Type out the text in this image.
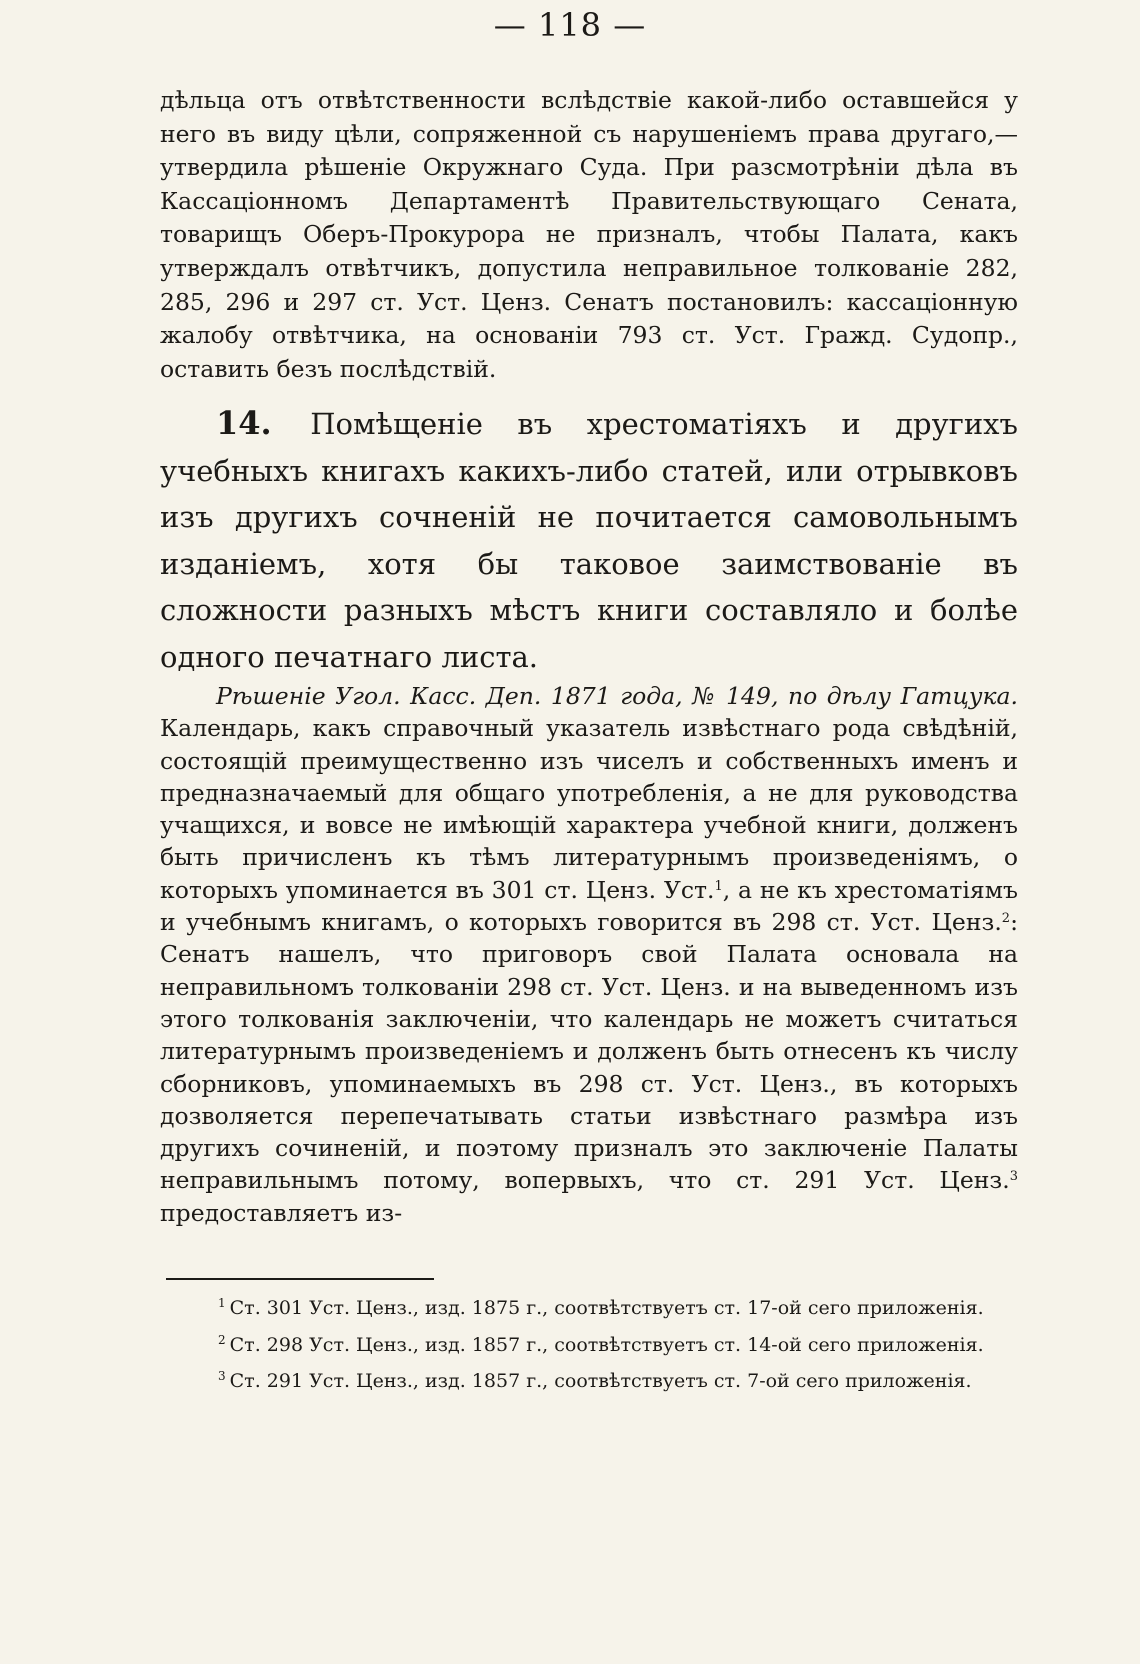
— 118 —

дѣльца отъ отвѣтственности вслѣдствіе какой-либо оставшейся у него въ виду цѣли, сопряженной съ нарушеніемъ права другаго,—утвердила рѣшеніе Окружнаго Суда. При разсмотрѣніи дѣла въ Кассаціонномъ Департаментѣ Правительствующаго Сената, товарищъ Оберъ-Прокурора не призналъ, чтобы Палата, какъ утверждалъ отвѣтчикъ, допустила неправильное толкованіе 282, 285, 296 и 297 ст. Уст. Ценз. Сенатъ постановилъ: кассаціонную жалобу отвѣтчика, на основаніи 793 ст. Уст. Гражд. Судопр., оставить безъ послѣдствій.

14. Помѣщеніе въ хрестоматіяхъ и другихъ учебныхъ книгахъ какихъ-либо статей, или отрывковъ изъ другихъ сочненій не почитается самовольнымъ изданіемъ, хотя бы таковое заимствованіе въ сложности разныхъ мѣстъ книги составляло и болѣе одного печатнаго листа.

Рѣшеніе Угол. Касс. Деп. 1871 года, № 149, по дѣлу Гатцука. Календарь, какъ справочный указатель извѣстнаго рода свѣдѣній, состоящій преимущественно изъ чиселъ и собственныхъ именъ и предназначаемый для общаго употребленія, а не для руководства учащихся, и вовсе не имѣющій характера учебной книги, долженъ быть причисленъ къ тѣмъ литературнымъ произведеніямъ, о которыхъ упоминается въ 301 ст. Ценз. Уст.$^1$, а не къ хрестоматіямъ и учебнымъ книгамъ, о которыхъ говорится въ 298 ст. Уст. Ценз.$^2$: Сенатъ нашелъ, что приговоръ свой Палата основала на неправильномъ толкованіи 298 ст. Уст. Ценз. и на выведенномъ изъ этого толкованія заключеніи, что календарь не можетъ считаться литературнымъ произведеніемъ и долженъ быть отнесенъ къ числу сборниковъ, упоминаемыхъ въ 298 ст. Уст. Ценз., въ которыхъ дозволяется перепечатывать статьи извѣстнаго размѣра изъ другихъ сочиненій, и поэтому призналъ это заключеніе Палаты неправильнымъ потому, вопервыхъ, что ст. 291 Уст. Ценз.$^3$ предоставляетъ из-

$^1$ Ст. 301 Уст. Ценз., изд. 1875 г., соотвѣтствуетъ ст. 17-ой сего приложенія.

$^2$ Ст. 298 Уст. Ценз., изд. 1857 г., соотвѣтствуетъ ст. 14-ой сего приложенія.

$^3$ Ст. 291 Уст. Ценз., изд. 1857 г., соотвѣтствуетъ ст. 7-ой сего приложенія.
